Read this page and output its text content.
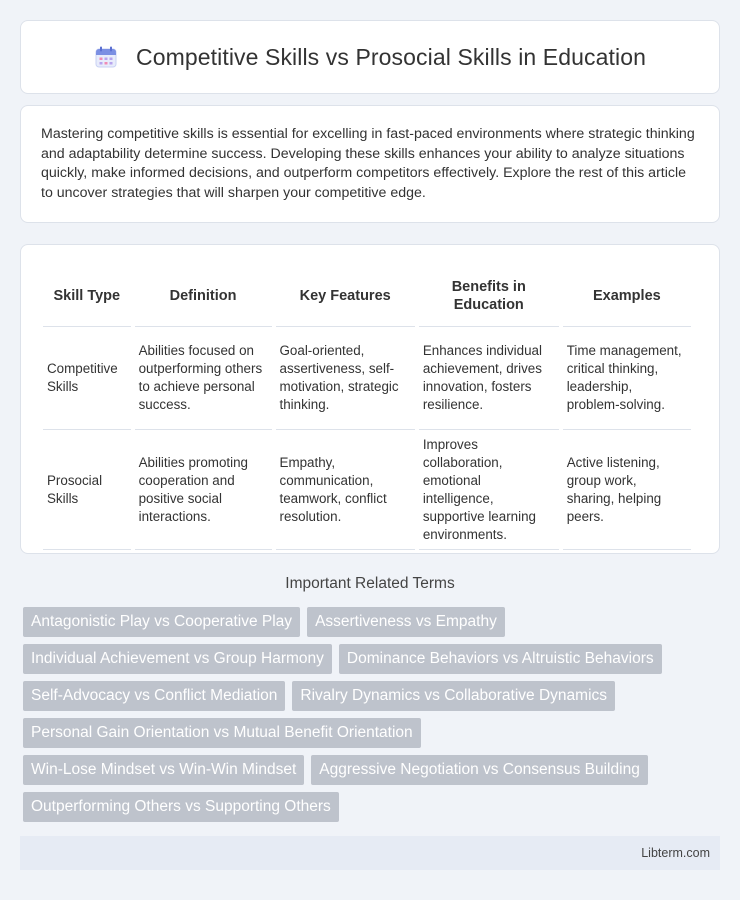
Competitive Skills vs Prosocial Skills in Education

Mastering competitive skills is essential for excelling in fast-paced environments where strategic thinking and adaptability determine success. Developing these skills enhances your ability to analyze situations quickly, make informed decisions, and outperform competitors effectively. Explore the rest of this article to uncover strategies that will sharpen your competitive edge.

Skill Type	Definition	Key Features	Benefits in Education	Examples
Competitive Skills	Abilities focused on outperforming others to achieve personal success.	Goal-oriented, assertiveness, self-motivation, strategic thinking.	Enhances individual achievement, drives innovation, fosters resilience.	Time management, critical thinking, leadership, problem-solving.
Prosocial Skills	Abilities promoting cooperation and positive social interactions.	Empathy, communication, teamwork, conflict resolution.	Improves collaboration, emotional intelligence, supportive learning environments.	Active listening, group work, sharing, helping peers.
Important Related Terms
Antagonistic Play vs Cooperative Play	Assertiveness vs Empathy
Individual Achievement vs Group Harmony	Dominance Behaviors vs Altruistic Behaviors
Self-Advocacy vs Conflict Mediation	Rivalry Dynamics vs Collaborative Dynamics
Personal Gain Orientation vs Mutual Benefit Orientation
Win-Lose Mindset vs Win-Win Mindset	Aggressive Negotiation vs Consensus Building
Outperforming Others vs Supporting Others
Libterm.com
